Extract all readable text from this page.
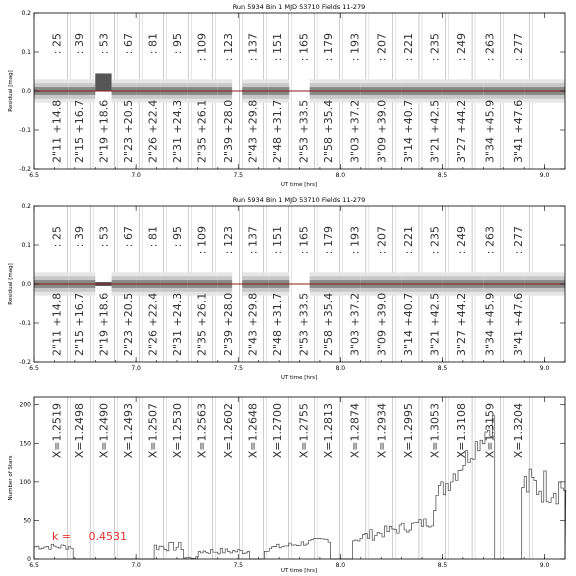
Run 5934 Bin 1 MJD 53710 Fields 11-279
: 25
2"11 +14.8
: 39
2"15 +16.7
: 53
2"19 +18.6
: 67
2"23 +20.5
: 81
2"26 +22.4
: 95
2"31 +24.3
: 109
2"35 +26.1
: 123
2"39 +28.0
: 137
2"43 +29.8
: 151
2"48 +31.7
: 165
2"53 +33.5
: 179
2"58 +35.4
: 193
3"03 +37.2
: 207
3"09 +39.0
: 221
3"14 +40.7
: 235
3"21 +42.5
: 249
3"27 +44.2
: 263
3"34 +45.9
: 277
3"41 +47.6
Residual [mag]
UT time [hrs]
6.5	7.0	7.5	8.0	8.5	9.0
-0.2
-0.1
0.0
0.1
0.2
Run 5934 Bin 1 MJD 53710 Fields 11-279
: 25
2"11 +14.8
: 39
2"15 +16.7
: 53
2"19 +18.6
: 67
2"23 +20.5
: 81
2"26 +22.4
: 95
2"31 +24.3
: 109
2"35 +26.1
: 123
2"39 +28.0
: 137
2"43 +29.8
: 151
2"48 +31.7
: 165
2"53 +33.5
: 179
2"58 +35.4
: 193
3"03 +37.2
: 207
3"09 +39.0
: 221
3"14 +40.7
: 235
3"21 +42.5
: 249
3"27 +44.2
: 263
3"34 +45.9
: 277
3"41 +47.6
Residual [mag]
UT time [hrs]
6.5	7.0	7.5	8.0	8.5	9.0
-0.2
-0.1
0.0
0.1
0.2
X=1.2519 X=1.2498 X=1.2490 X=1.2493 X=1.2507 X=1.2530 X=1.2563 X=1.2602 X=1.2648 X=1.2700 X=1.2755 X=1.2813 X=1.2874 X=1.2934 X=1.2995 X=1.3053 X=1.3108 X=1.3159 X=1.3204
Number of Stars
UT time [hrs]
k =     0.4531
6.5	7.0	7.5	8.0	8.5	9.0
0
50
100
150
200
